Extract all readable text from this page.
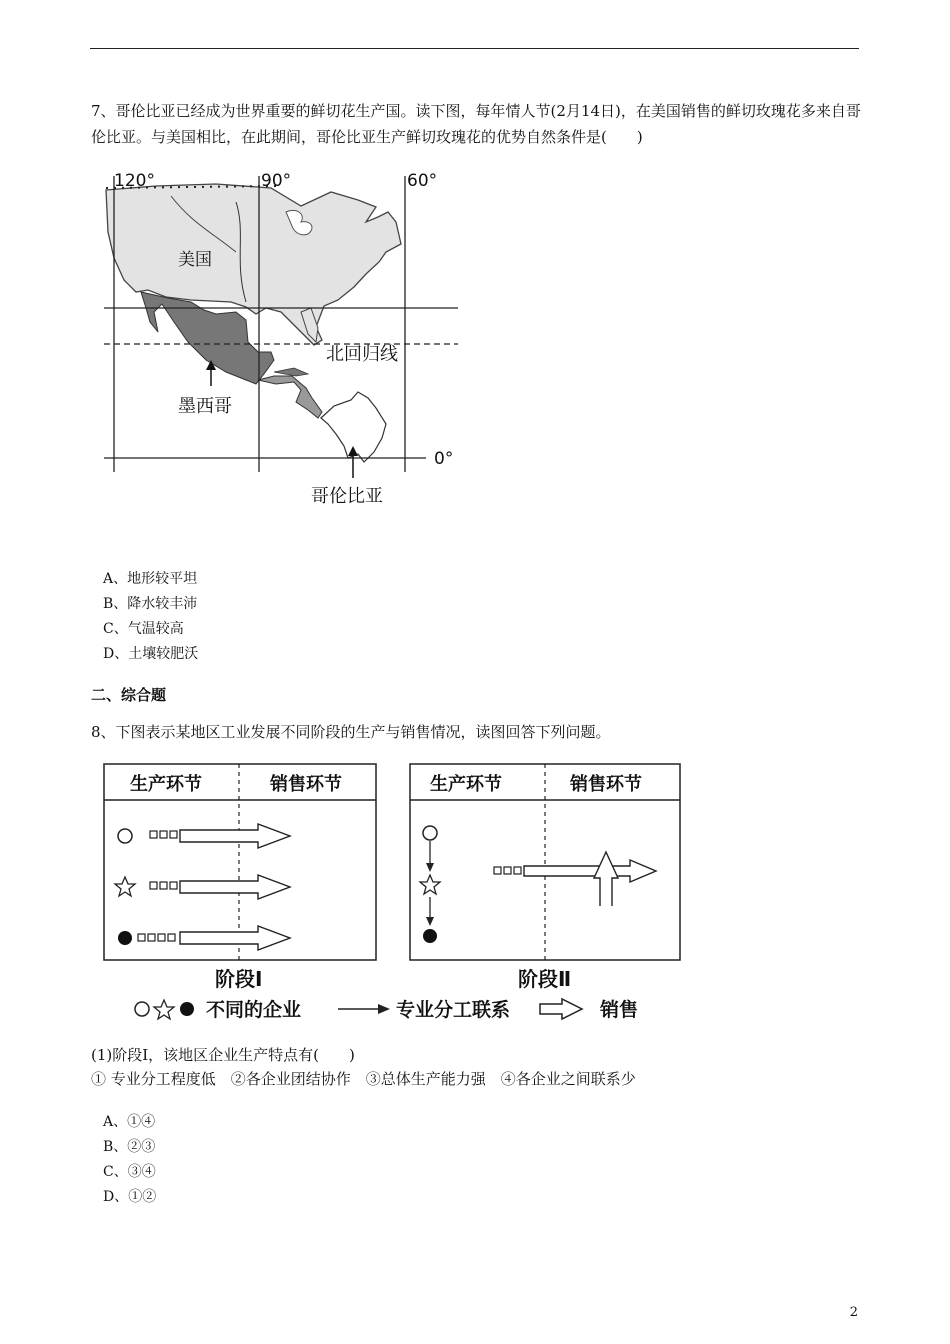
7、哥伦比亚已经成为世界重要的鲜切花生产国。读下图，每年情人节(2月14日)，在美国销售的鲜切玫瑰花多来自哥伦比亚。与美国相比，在此期间，哥伦比亚生产鲜切玫瑰花的优势自然条件是(　　)
120°	90°	60°
0°
美国
北回归线
墨西哥
哥伦比亚
A、地形较平坦
B、降水较丰沛
C、气温较高
D、土壤较肥沃
二、综合题
8、下图表示某地区工业发展不同阶段的生产与销售情况，读图回答下列问题。
生产环节	销售环节
阶段Ⅰ
生产环节	销售环节
阶段Ⅱ
不同的企业	专业分工联系	销售
(1)阶段Ⅰ，该地区企业生产特点有(　　)
① 专业分工程度低　②各企业团结协作　③总体生产能力强　④各企业之间联系少
A、①④
B、②③
C、③④
D、①②
2
